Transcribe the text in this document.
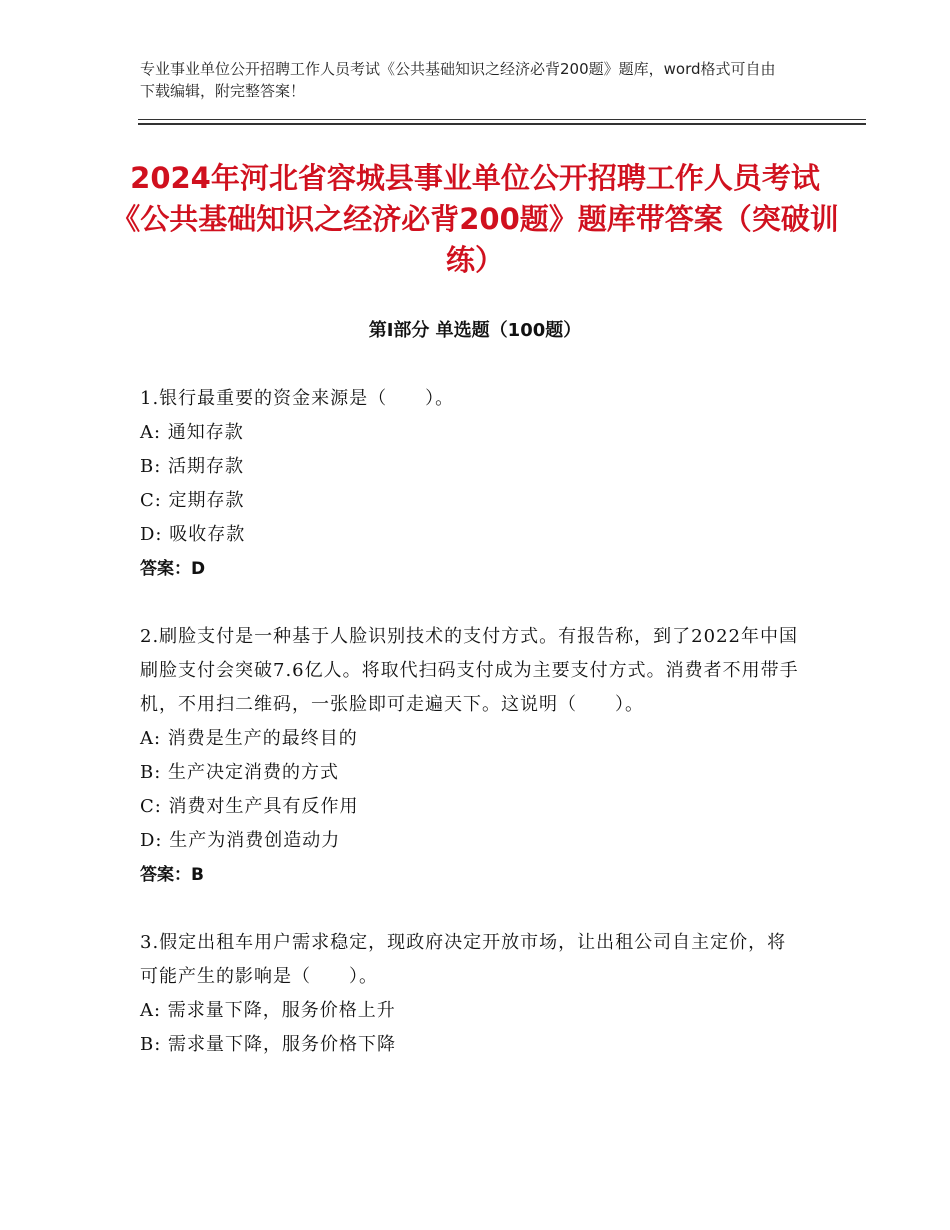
专业事业单位公开招聘工作人员考试《公共基础知识之经济必背200题》题库，word格式可自由下载编辑，附完整答案！
2024年河北省容城县事业单位公开招聘工作人员考试《公共基础知识之经济必背200题》题库带答案（突破训练）
第Ⅰ部分 单选题（100题）
1.银行最重要的资金来源是（　　）。
A: 通知存款
B: 活期存款
C: 定期存款
D: 吸收存款
答案：D
2.刷脸支付是一种基于人脸识别技术的支付方式。有报告称，到了2022年中国刷脸支付会突破7.6亿人。将取代扫码支付成为主要支付方式。消费者不用带手机，不用扫二维码，一张脸即可走遍天下。这说明（　　）。
A: 消费是生产的最终目的
B: 生产决定消费的方式
C: 消费对生产具有反作用
D: 生产为消费创造动力
答案：B
3.假定出租车用户需求稳定，现政府决定开放市场，让出租公司自主定价，将可能产生的影响是（　　）。
A: 需求量下降，服务价格上升
B: 需求量下降，服务价格下降
